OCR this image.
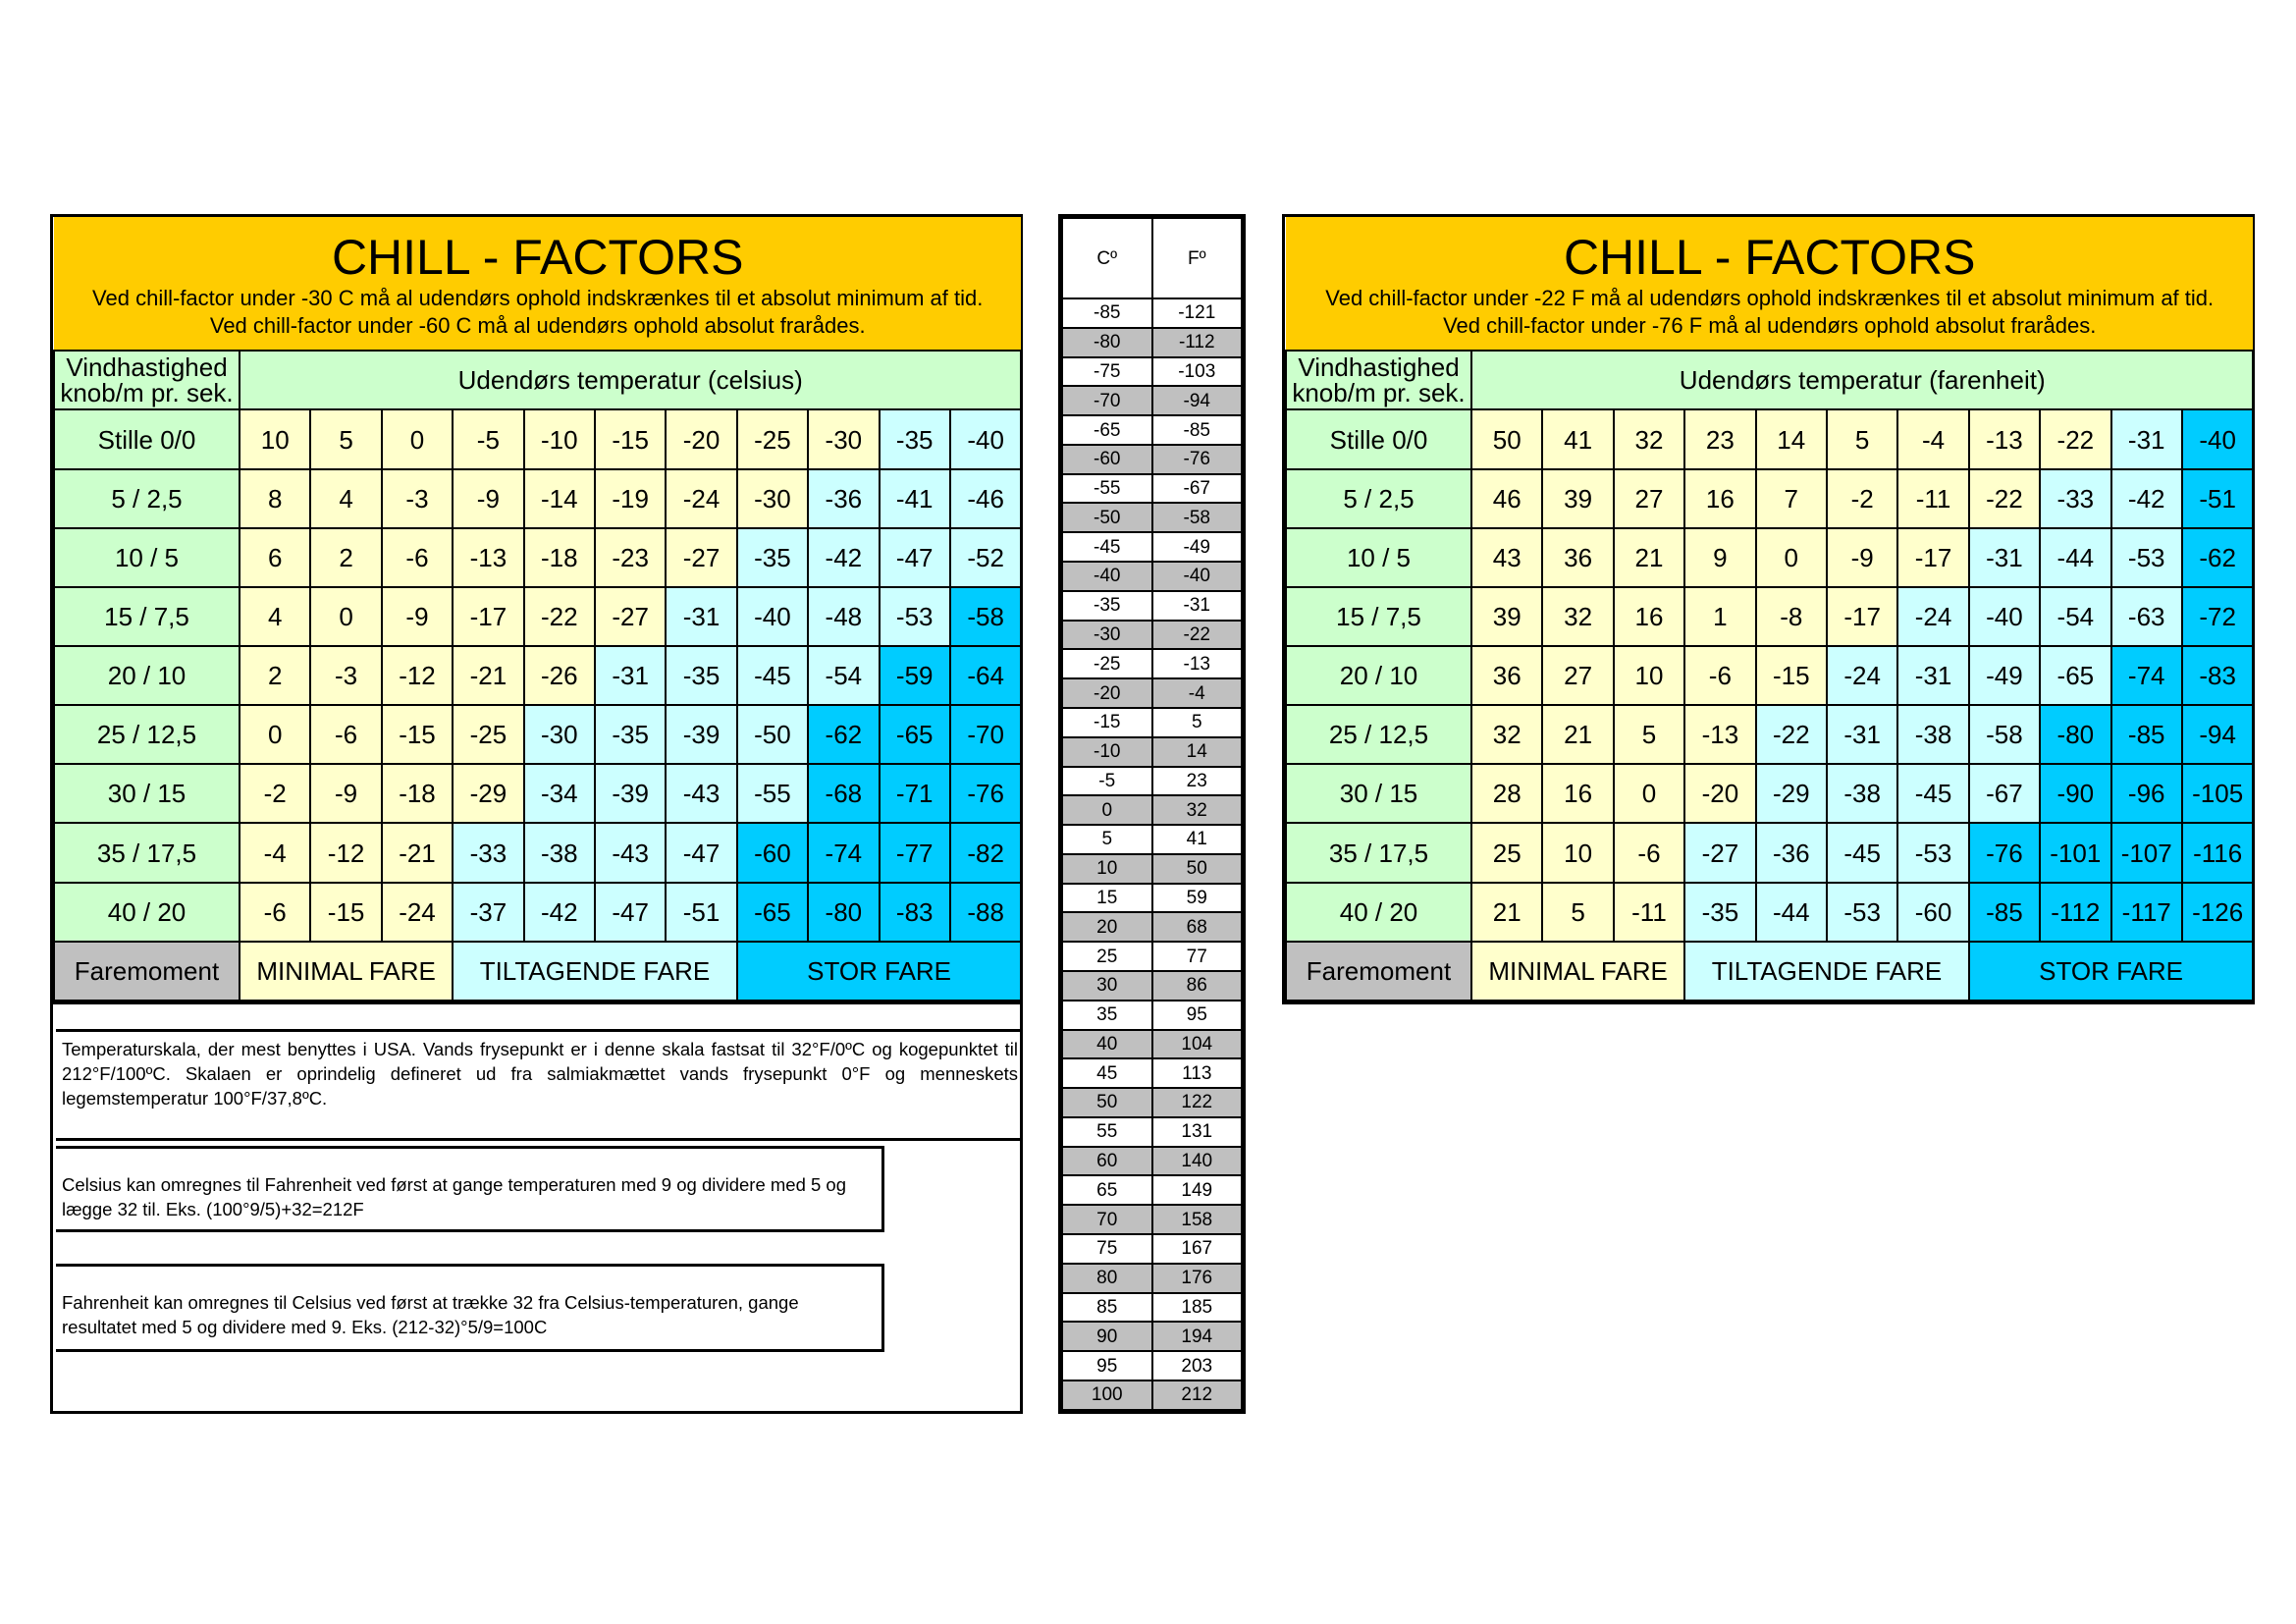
CHILL - FACTORS
Ved chill-factor under -30 C må al udendørs ophold indskrænkes til et absolut minimum af tid.
Ved chill-factor under -60 C må al udendørs ophold absolut frarådes.											

Vindhastighed
knob/m pr. sek.	Udendørs temperatur (celsius)										
Stille 0/0	10	5	0	-5	-10	-15	-20	-25	-30	-35	-40
5 / 2,5	8	4	-3	-9	-14	-19	-24	-30	-36	-41	-46
10 / 5	6	2	-6	-13	-18	-23	-27	-35	-42	-47	-52
15 / 7,5	4	0	-9	-17	-22	-27	-31	-40	-48	-53	-58
20 / 10	2	-3	-12	-21	-26	-31	-35	-45	-54	-59	-64
25 / 12,5	0	-6	-15	-25	-30	-35	-39	-50	-62	-65	-70
30 / 15	-2	-9	-18	-29	-34	-39	-43	-55	-68	-71	-76
35 / 17,5	-4	-12	-21	-33	-38	-43	-47	-60	-74	-77	-82
40 / 20	-6	-15	-24	-37	-42	-47	-51	-65	-80	-83	-88
Faremoment	MINIMAL FARE			TILTAGENDE FARE				STOR FARE			
Cº	Fº
-85	-121
-80	-112
-75	-103
-70	-94
-65	-85
-60	-76
-55	-67
-50	-58
-45	-49
-40	-40
-35	-31
-30	-22
-25	-13
-20	-4
-15	5
-10	14
-5	23
0	32
5	41
10	50
15	59
20	68
25	77
30	86
35	95
40	104
45	113
50	122
55	131
60	140
65	149
70	158
75	167
80	176
85	185
90	194
95	203
100	212
Temperaturskala, der mest benyttes i USA. Vands frysepunkt er i denne skala fastsat til 32°F/0ºC og kogepunktet til 212°F/100ºC. Skalaen er oprindelig defineret ud fra salmiakmættet vands frysepunkt 0°F og menneskets legemstemperatur 100°F/37,8ºC.
Celsius kan omregnes til Fahrenheit ved først at gange temperaturen med 9 og dividere med 5 og lægge 32 til. Eks. (100°9/5)+32=212F
Fahrenheit kan omregnes til Celsius ved først at trække 32 fra Celsius-temperaturen, gange resultatet med 5 og dividere med 9. Eks. (212-32)°5/9=100C
CHILL - FACTORS
Ved chill-factor under -22 F må al udendørs ophold indskrænkes til et absolut minimum af tid.
Ved chill-factor under -76 F må al udendørs ophold absolut frarådes.											

Vindhastighed
knob/m pr. sek.	Udendørs temperatur (farenheit)										
Stille 0/0	50	41	32	23	14	5	-4	-13	-22	-31	-40
5 / 2,5	46	39	27	16	7	-2	-11	-22	-33	-42	-51
10 / 5	43	36	21	9	0	-9	-17	-31	-44	-53	-62
15 / 7,5	39	32	16	1	-8	-17	-24	-40	-54	-63	-72
20 / 10	36	27	10	-6	-15	-24	-31	-49	-65	-74	-83
25 / 12,5	32	21	5	-13	-22	-31	-38	-58	-80	-85	-94
30 / 15	28	16	0	-20	-29	-38	-45	-67	-90	-96	-105
35 / 17,5	25	10	-6	-27	-36	-45	-53	-76	-101	-107	-116
40 / 20	21	5	-11	-35	-44	-53	-60	-85	-112	-117	-126
Faremoment	MINIMAL FARE			TILTAGENDE FARE				STOR FARE			
